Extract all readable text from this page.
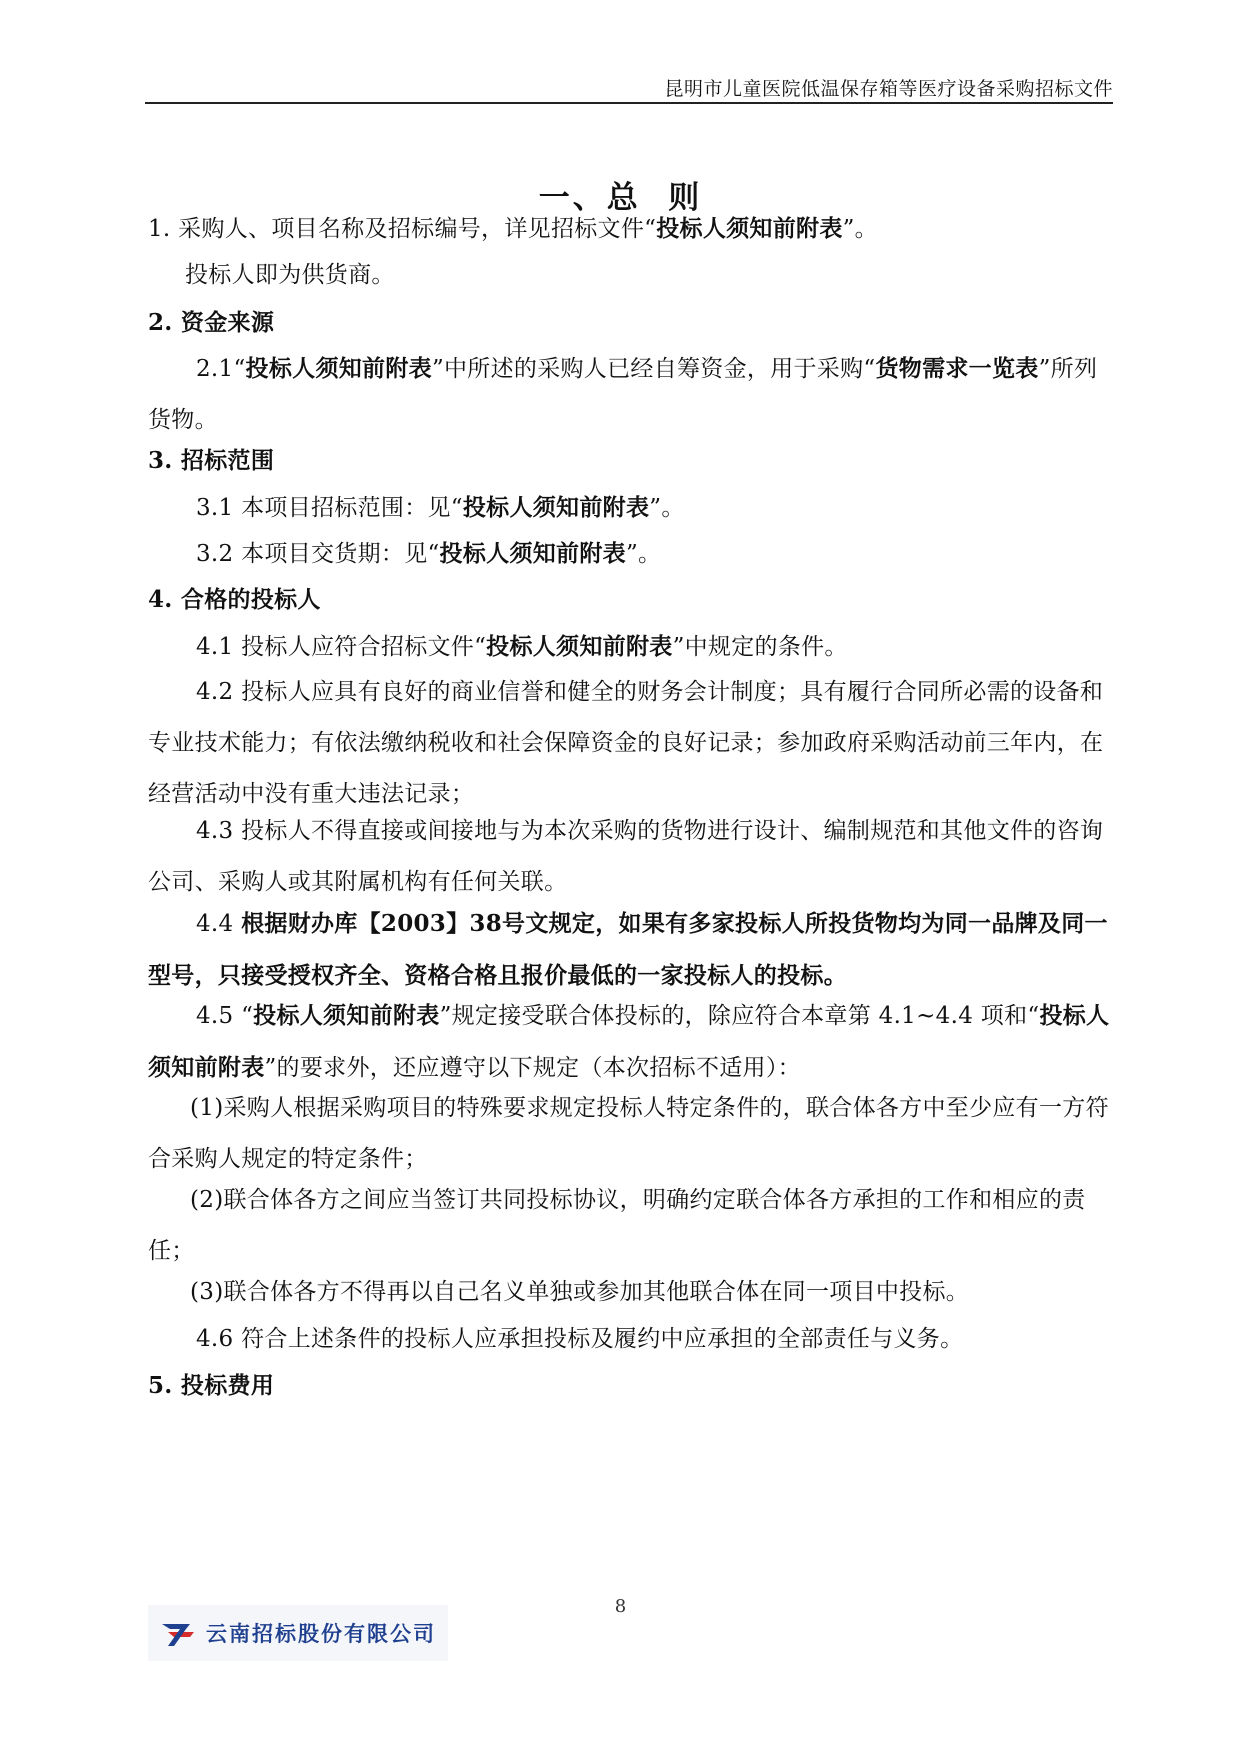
昆明市儿童医院低温保存箱等医疗设备采购招标文件
一、总  则
1. 采购人、项目名称及招标编号，详见招标文件“投标人须知前附表”。
投标人即为供货商。
2. 资金来源
2.1“投标人须知前附表”中所述的采购人已经自筹资金，用于采购“货物需求一览表”所列货物。
3. 招标范围
3.1 本项目招标范围：见“投标人须知前附表”。
3.2 本项目交货期：见“投标人须知前附表”。
4. 合格的投标人
4.1 投标人应符合招标文件“投标人须知前附表”中规定的条件。
4.2 投标人应具有良好的商业信誉和健全的财务会计制度；具有履行合同所必需的设备和专业技术能力；有依法缴纳税收和社会保障资金的良好记录；参加政府采购活动前三年内，在经营活动中没有重大违法记录；
4.3 投标人不得直接或间接地与为本次采购的货物进行设计、编制规范和其他文件的咨询公司、采购人或其附属机构有任何关联。
4.4 根据财办库【2003】38号文规定，如果有多家投标人所投货物均为同一品牌及同一型号，只接受授权齐全、资格合格且报价最低的一家投标人的投标。
4.5 “投标人须知前附表”规定接受联合体投标的，除应符合本章第 4.1~4.4 项和“投标人须知前附表”的要求外，还应遵守以下规定（本次招标不适用）：
(1)采购人根据采购项目的特殊要求规定投标人特定条件的，联合体各方中至少应有一方符合采购人规定的特定条件；
(2)联合体各方之间应当签订共同投标协议，明确约定联合体各方承担的工作和相应的责任；
(3)联合体各方不得再以自己名义单独或参加其他联合体在同一项目中投标。
4.6 符合上述条件的投标人应承担投标及履约中应承担的全部责任与义务。
5. 投标费用
8
云南招标股份有限公司
